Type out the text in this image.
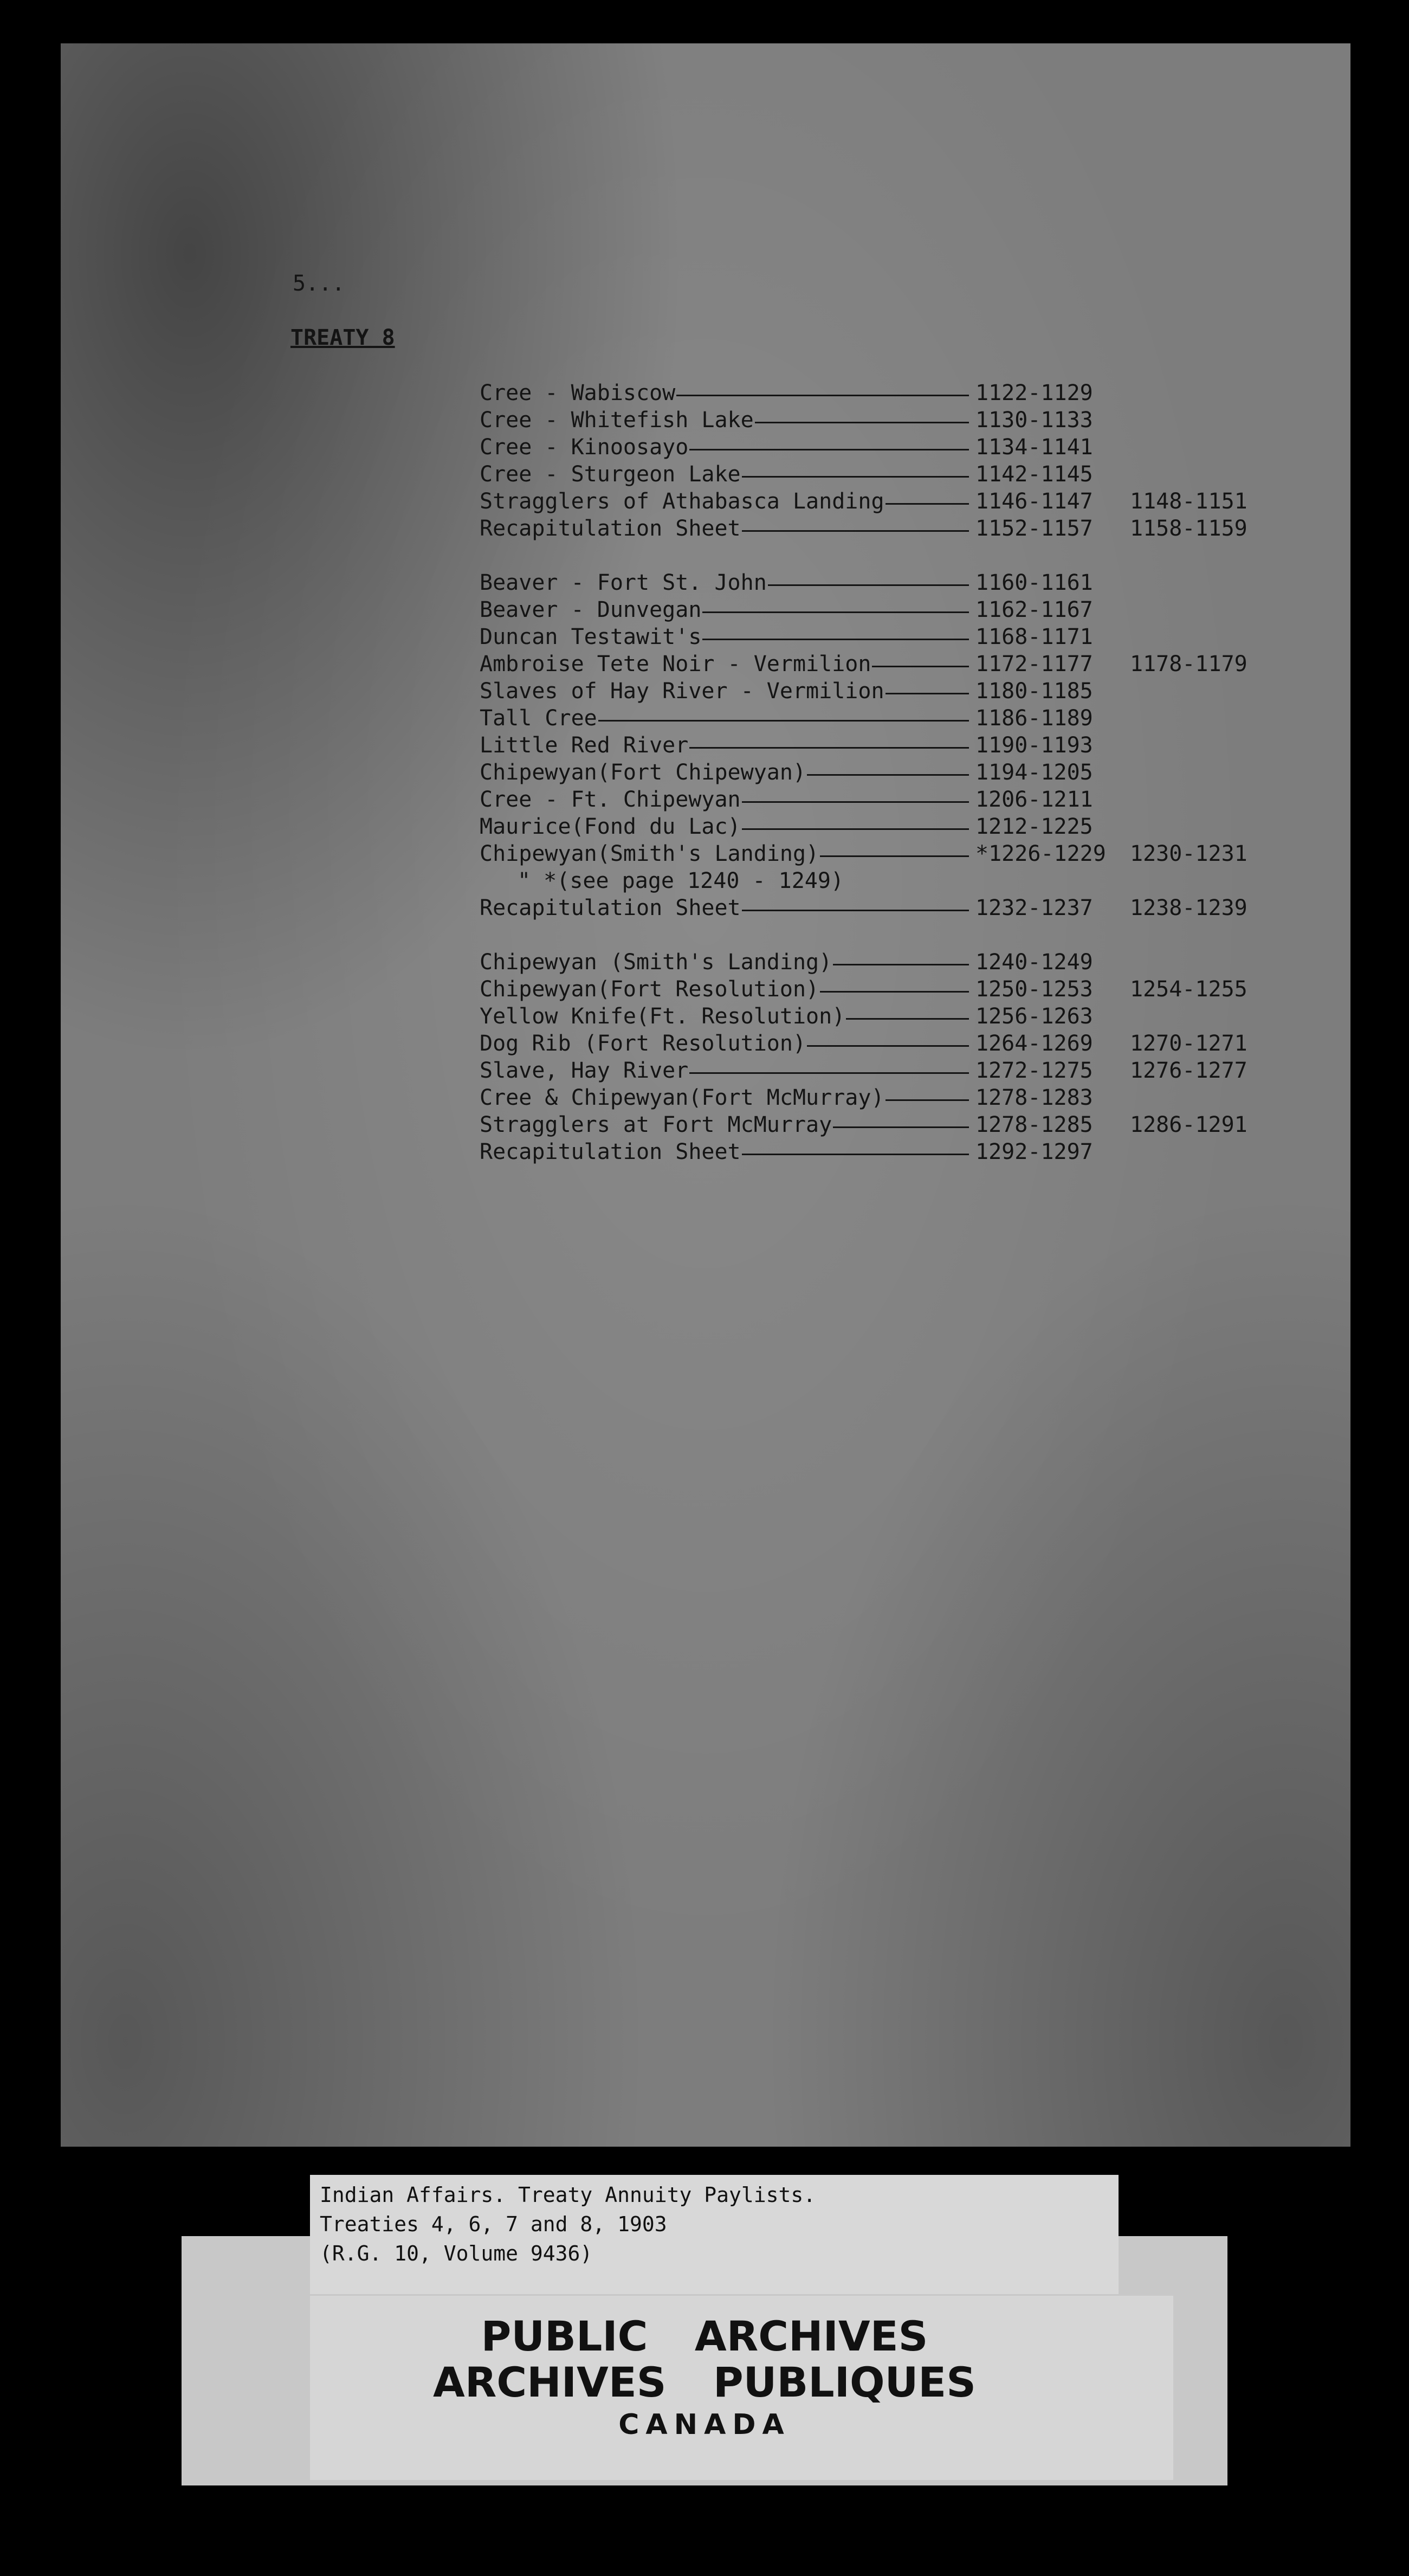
5...
TREATY 8
Cree - Wabiscow	1122-1129
Cree - Whitefish Lake	1130-1133
Cree - Kinoosayo	1134-1141
Cree - Sturgeon Lake	1142-1145
Stragglers of Athabasca Landing	1146-1147 1148-1151
Recapitulation Sheet	1152-1157 1158-1159
Beaver - Fort St. John	1160-1161
Beaver - Dunvegan	1162-1167
Duncan Testawit's	1168-1171
Ambroise Tete Noir - Vermilion	1172-1177 1178-1179
Slaves of Hay River - Vermilion	1180-1185
Tall Cree	1186-1189
Little Red River	1190-1193
Chipewyan(Fort Chipewyan)	1194-1205
Cree - Ft. Chipewyan	1206-1211
Maurice(Fond du Lac)	1212-1225
Chipewyan(Smith's Landing)	*1226-1229 1230-1231
" *(see page 1240 - 1249)
Recapitulation Sheet	1232-1237 1238-1239
Chipewyan (Smith's Landing)	1240-1249
Chipewyan(Fort Resolution)	1250-1253 1254-1255
Yellow Knife(Ft. Resolution)	1256-1263
Dog Rib (Fort Resolution)	1264-1269 1270-1271
Slave, Hay River	1272-1275 1276-1277
Cree & Chipewyan(Fort McMurray)	1278-1283
Stragglers at Fort McMurray	1278-1285 1286-1291
Recapitulation Sheet	1292-1297
PUBLIC ARCHIVES
ARCHIVES PUBLIQUES
CANADA
Indian Affairs. Treaty Annuity Paylists.
Treaties 4, 6, 7 and 8, 1903
(R.G. 10, Volume 9436)
